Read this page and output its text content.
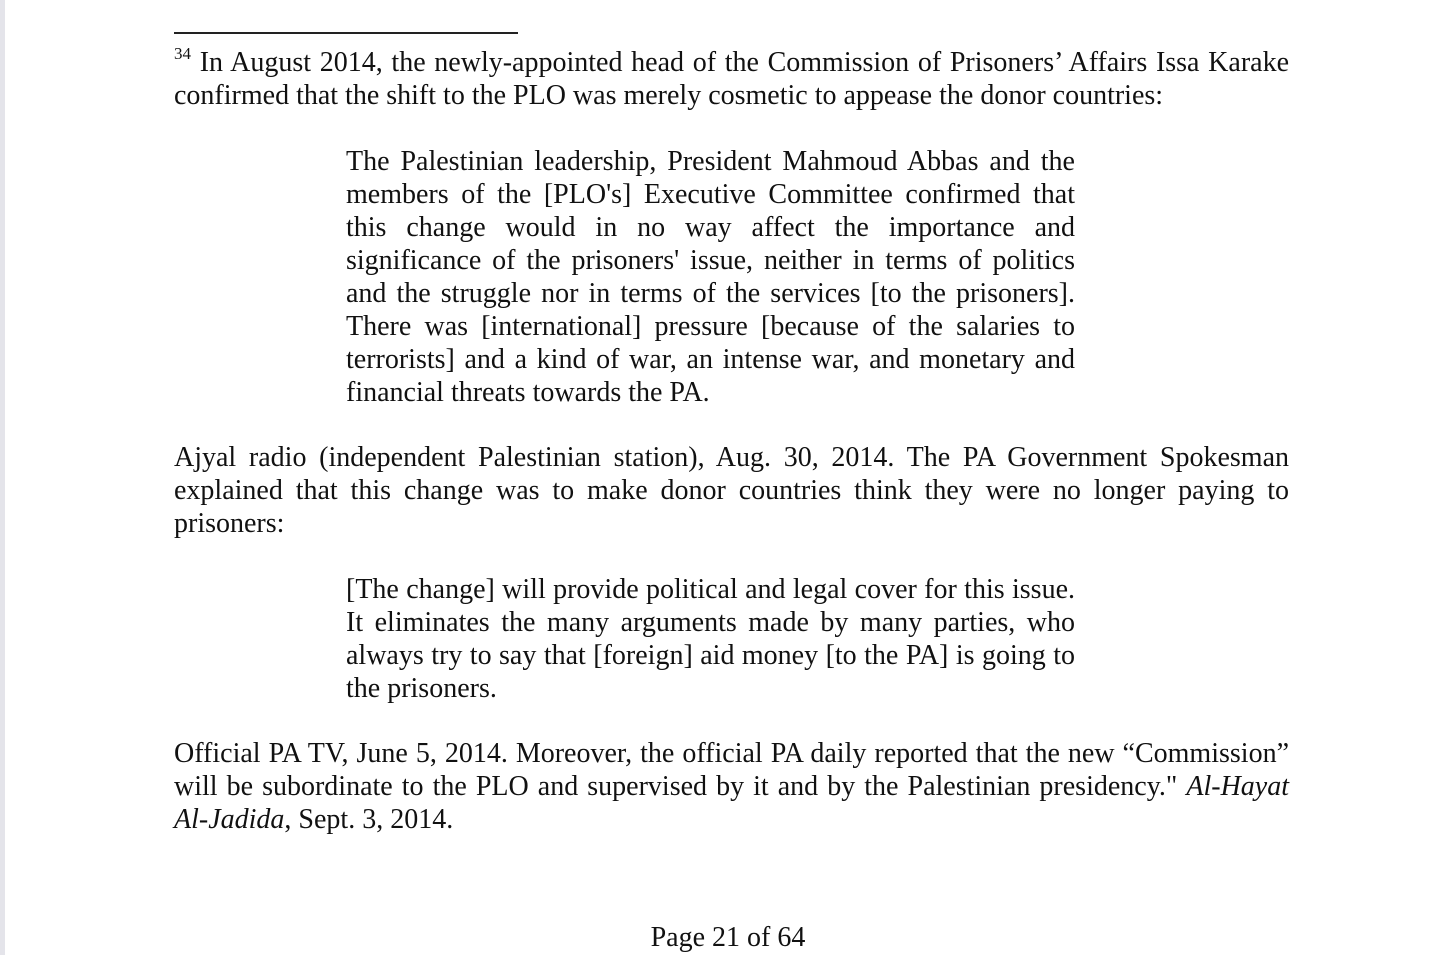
$^{34}$ In August 2014, the newly-appointed head of the Commission of Prisoners’ Affairs Issa Karake confirmed that the shift to the PLO was merely cosmetic to appease the donor countries:

The Palestinian leadership, President Mahmoud Abbas and the members of the [PLO's] Executive Committee confirmed that this change would in no way affect the importance and significance of the prisoners' issue, neither in terms of politics and the struggle nor in terms of the services [to the prisoners]. There was [international] pressure [because of the salaries to terrorists] and a kind of war, an intense war, and monetary and financial threats towards the PA.

Ajyal radio (independent Palestinian station), Aug. 30, 2014. The PA Government Spokesman explained that this change was to make donor countries think they were no longer paying to prisoners:

[The change] will provide political and legal cover for this issue. It eliminates the many arguments made by many parties, who always try to say that [foreign] aid money [to the PA] is going to the prisoners.

Official PA TV, June 5, 2014. Moreover, the official PA daily reported that the new “Commission” will be subordinate to the PLO and supervised by it and by the Palestinian presidency." Al-Hayat Al-Jadida, Sept. 3, 2014.

Page 21 of 64
